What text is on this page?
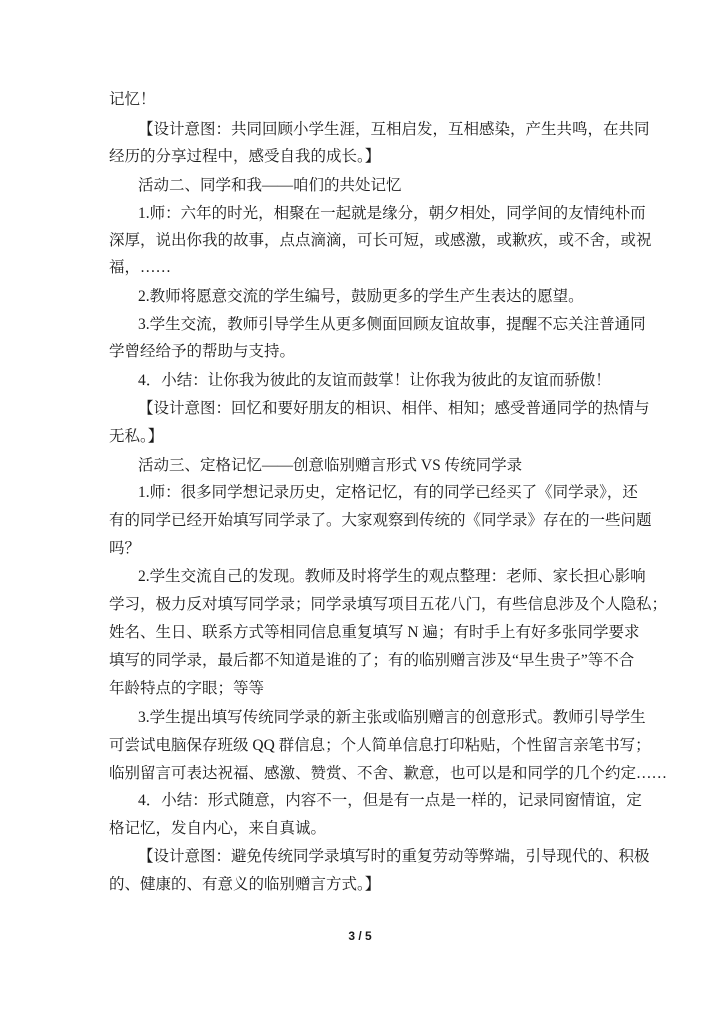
记忆！
【设计意图：共同回顾小学生涯，互相启发，互相感染，产生共鸣，在共同
经历的分享过程中，感受自我的成长。】
活动二、同学和我——咱们的共处记忆
1.师：六年的时光，相聚在一起就是缘分，朝夕相处，同学间的友情纯朴而
深厚，说出你我的故事，点点滴滴，可长可短，或感激，或歉疚，或不舍，或祝
福，……
2.教师将愿意交流的学生编号，鼓励更多的学生产生表达的愿望。
3.学生交流，教师引导学生从更多侧面回顾友谊故事，提醒不忘关注普通同
学曾经给予的帮助与支持。
4．小结：让你我为彼此的友谊而鼓掌！让你我为彼此的友谊而骄傲！
【设计意图：回忆和要好朋友的相识、相伴、相知；感受普通同学的热情与
无私。】
活动三、定格记忆——创意临别赠言形式 VS 传统同学录
1.师：很多同学想记录历史，定格记忆，有的同学已经买了《同学录》，还
有的同学已经开始填写同学录了。大家观察到传统的《同学录》存在的一些问题
吗？
2.学生交流自己的发现。教师及时将学生的观点整理：老师、家长担心影响
学习，极力反对填写同学录；同学录填写项目五花八门，有些信息涉及个人隐私；
姓名、生日、联系方式等相同信息重复填写 N 遍；有时手上有好多张同学要求
填写的同学录，最后都不知道是谁的了；有的临别赠言涉及“早生贵子”等不合
年龄特点的字眼；等等
3.学生提出填写传统同学录的新主张或临别赠言的创意形式。教师引导学生
可尝试电脑保存班级 QQ 群信息；个人简单信息打印粘贴，个性留言亲笔书写；
临别留言可表达祝福、感激、赞赏、不舍、歉意，也可以是和同学的几个约定……
4．小结：形式随意，内容不一，但是有一点是一样的，记录同窗情谊，定
格记忆，发自内心，来自真诚。
【设计意图：避免传统同学录填写时的重复劳动等弊端，引导现代的、积极
的、健康的、有意义的临别赠言方式。】
3 / 5
